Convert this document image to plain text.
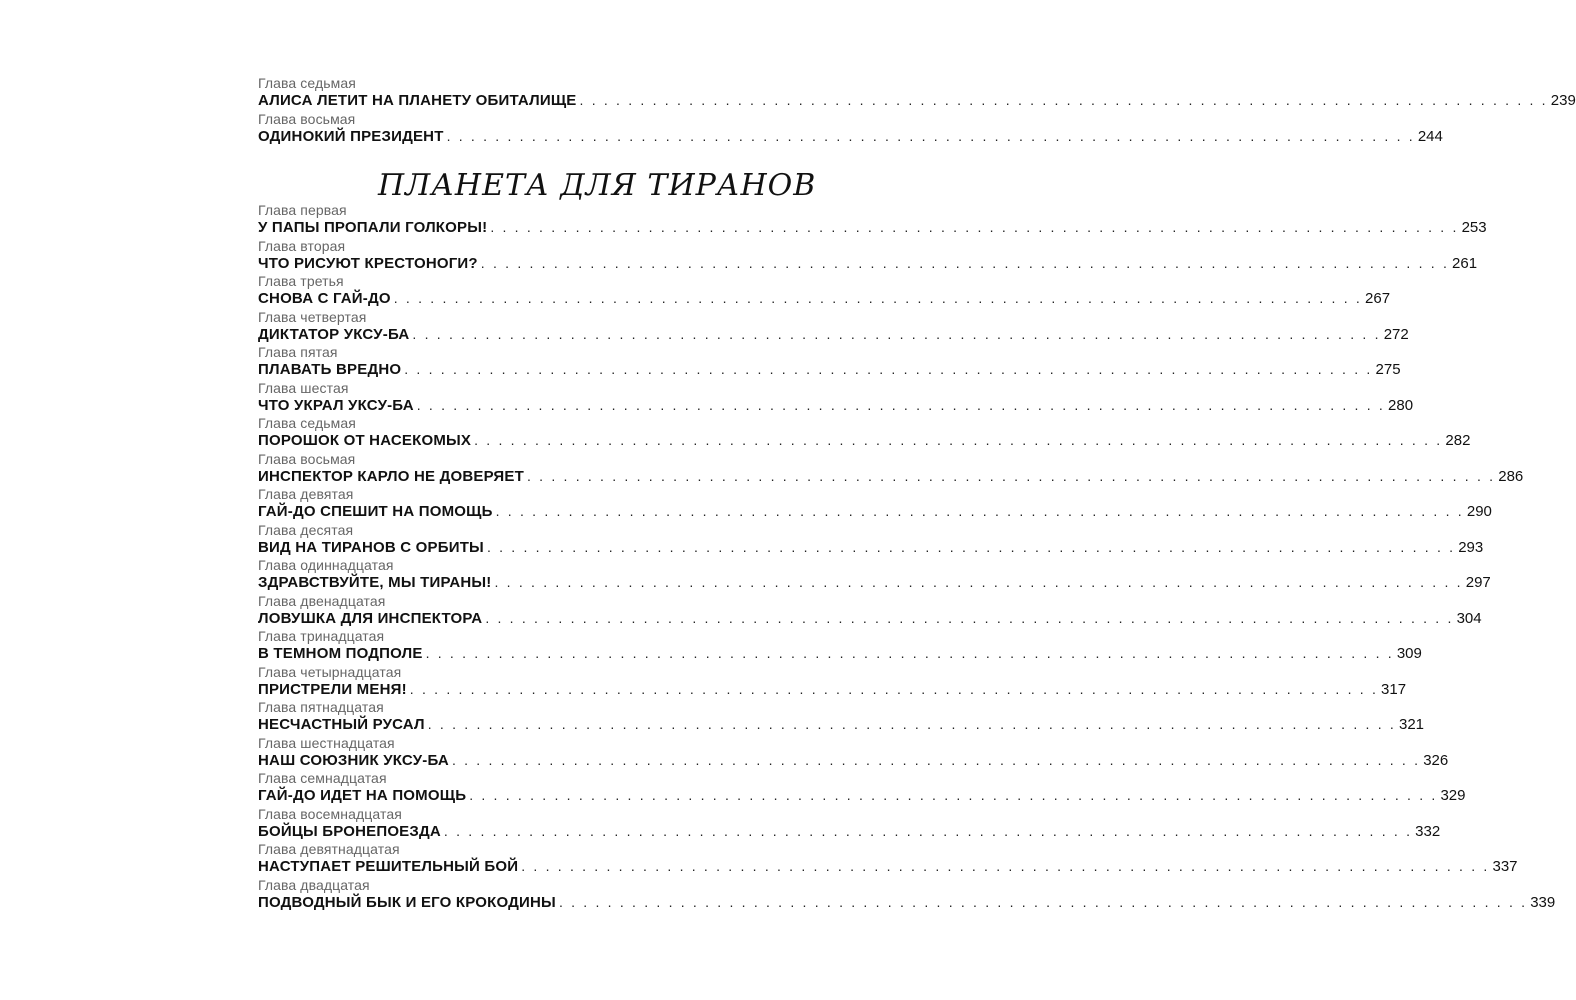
Глава седьмая
АЛИСА ЛЕТИТ НА ПЛАНЕТУ ОБИТАЛИЩЕ . . . . . . . . . . . . . . . . . . . . . . . . . . . . . . . . . . . . . . . . . . . . . . . . . . . . . . . . . . . . . . . . . . . . . . . . . . . . . . . . 239
Глава восьмая
ОДИНОКИЙ ПРЕЗИДЕНТ . . . . . . . . . . . . . . . . . . . . . . . . . . . . . . . . . . . . . . . . . . . . . . . . . . . . . . . . . . . . . . . . . . . . . . . . . . . . . . . . 244
ПЛАНЕТА ДЛЯ ТИРАНОВ
Глава первая
У ПАПЫ ПРОПАЛИ ГОЛКОРЫ! . . . . . . . . . . . . . . . . . . . . . . . . . . . . . . . . . . . . . . . . . . . . . . . . . . . . . . . . . . . . . . . . . . . . . . . . . . . . . . . . 253
Глава вторая
ЧТО РИСУЮТ КРЕСТОНОГИ? . . . . . . . . . . . . . . . . . . . . . . . . . . . . . . . . . . . . . . . . . . . . . . . . . . . . . . . . . . . . . . . . . . . . . . . . . . . . . . . . 261
Глава третья
СНОВА С ГАЙ-ДО . . . . . . . . . . . . . . . . . . . . . . . . . . . . . . . . . . . . . . . . . . . . . . . . . . . . . . . . . . . . . . . . . . . . . . . . . . . . . . . . 267
Глава четвертая
ДИКТАТОР УКСУ-БА . . . . . . . . . . . . . . . . . . . . . . . . . . . . . . . . . . . . . . . . . . . . . . . . . . . . . . . . . . . . . . . . . . . . . . . . . . . . . . . . 272
Глава пятая
ПЛАВАТЬ ВРЕДНО . . . . . . . . . . . . . . . . . . . . . . . . . . . . . . . . . . . . . . . . . . . . . . . . . . . . . . . . . . . . . . . . . . . . . . . . . . . . . . . . 275
Глава шестая
ЧТО УКРАЛ УКСУ-БА . . . . . . . . . . . . . . . . . . . . . . . . . . . . . . . . . . . . . . . . . . . . . . . . . . . . . . . . . . . . . . . . . . . . . . . . . . . . . . . . 280
Глава седьмая
ПОРОШОК ОТ НАСЕКОМЫХ . . . . . . . . . . . . . . . . . . . . . . . . . . . . . . . . . . . . . . . . . . . . . . . . . . . . . . . . . . . . . . . . . . . . . . . . . . . . . . . . 282
Глава восьмая
ИНСПЕКТОР КАРЛО НЕ ДОВЕРЯЕТ . . . . . . . . . . . . . . . . . . . . . . . . . . . . . . . . . . . . . . . . . . . . . . . . . . . . . . . . . . . . . . . . . . . . . . . . . . . . . . . . 286
Глава девятая
ГАЙ-ДО СПЕШИТ НА ПОМОЩЬ . . . . . . . . . . . . . . . . . . . . . . . . . . . . . . . . . . . . . . . . . . . . . . . . . . . . . . . . . . . . . . . . . . . . . . . . . . . . . . . . 290
Глава десятая
ВИД НА ТИРАНОВ С ОРБИТЫ . . . . . . . . . . . . . . . . . . . . . . . . . . . . . . . . . . . . . . . . . . . . . . . . . . . . . . . . . . . . . . . . . . . . . . . . . . . . . . . . 293
Глава одиннадцатая
ЗДРАВСТВУЙТЕ, МЫ ТИРАНЫ! . . . . . . . . . . . . . . . . . . . . . . . . . . . . . . . . . . . . . . . . . . . . . . . . . . . . . . . . . . . . . . . . . . . . . . . . . . . . . . . . 297
Глава двенадцатая
ЛОВУШКА ДЛЯ ИНСПЕКТОРА . . . . . . . . . . . . . . . . . . . . . . . . . . . . . . . . . . . . . . . . . . . . . . . . . . . . . . . . . . . . . . . . . . . . . . . . . . . . . . . . 304
Глава тринадцатая
В ТЕМНОМ ПОДПОЛЕ . . . . . . . . . . . . . . . . . . . . . . . . . . . . . . . . . . . . . . . . . . . . . . . . . . . . . . . . . . . . . . . . . . . . . . . . . . . . . . . . 309
Глава четырнадцатая
ПРИСТРЕЛИ МЕНЯ! . . . . . . . . . . . . . . . . . . . . . . . . . . . . . . . . . . . . . . . . . . . . . . . . . . . . . . . . . . . . . . . . . . . . . . . . . . . . . . . . 317
Глава пятнадцатая
НЕСЧАСТНЫЙ РУСАЛ . . . . . . . . . . . . . . . . . . . . . . . . . . . . . . . . . . . . . . . . . . . . . . . . . . . . . . . . . . . . . . . . . . . . . . . . . . . . . . . . 321
Глава шестнадцатая
НАШ СОЮЗНИК УКСУ-БА . . . . . . . . . . . . . . . . . . . . . . . . . . . . . . . . . . . . . . . . . . . . . . . . . . . . . . . . . . . . . . . . . . . . . . . . . . . . . . . . 326
Глава семнадцатая
ГАЙ-ДО ИДЕТ НА ПОМОЩЬ . . . . . . . . . . . . . . . . . . . . . . . . . . . . . . . . . . . . . . . . . . . . . . . . . . . . . . . . . . . . . . . . . . . . . . . . . . . . . . . . 329
Глава восемнадцатая
БОЙЦЫ БРОНЕПОЕЗДА . . . . . . . . . . . . . . . . . . . . . . . . . . . . . . . . . . . . . . . . . . . . . . . . . . . . . . . . . . . . . . . . . . . . . . . . . . . . . . . . 332
Глава девятнадцатая
НАСТУПАЕТ РЕШИТЕЛЬНЫЙ БОЙ . . . . . . . . . . . . . . . . . . . . . . . . . . . . . . . . . . . . . . . . . . . . . . . . . . . . . . . . . . . . . . . . . . . . . . . . . . . . . . . . 337
Глава двадцатая
ПОДВОДНЫЙ БЫК И ЕГО КРОКОДИНЫ . . . . . . . . . . . . . . . . . . . . . . . . . . . . . . . . . . . . . . . . . . . . . . . . . . . . . . . . . . . . . . . . . . . . . . . . . . . . . . . . 339
